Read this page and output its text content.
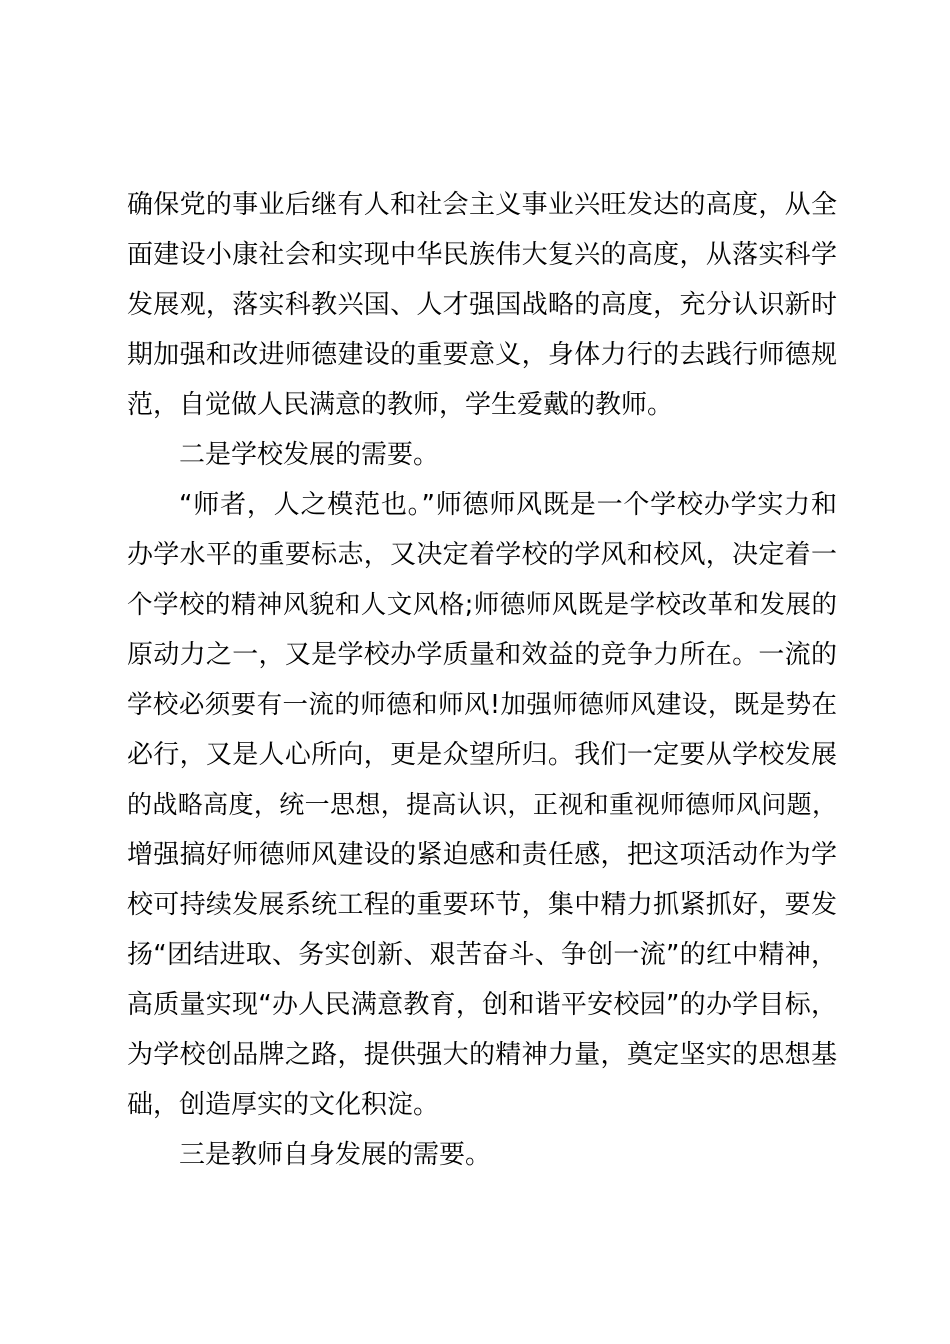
确保党的事业后继有人和社会主义事业兴旺发达的高度，从全
面建设小康社会和实现中华民族伟大复兴的高度，从落实科学
发展观，落实科教兴国、人才强国战略的高度，充分认识新时
期加强和改进师德建设的重要意义，身体力行的去践行师德规
范，自觉做人民满意的教师，学生爱戴的教师。
二是学校发展的需要。
“师者，人之模范也。”师德师风既是一个学校办学实力和
办学水平的重要标志，又决定着学校的学风和校风，决定着一
个学校的精神风貌和人文风格;师德师风既是学校改革和发展的
原动力之一，又是学校办学质量和效益的竞争力所在。一流的
学校必须要有一流的师德和师风!加强师德师风建设，既是势在
必行，又是人心所向，更是众望所归。我们一定要从学校发展
的战略高度，统一思想，提高认识，正视和重视师德师风问题，
增强搞好师德师风建设的紧迫感和责任感，把这项活动作为学
校可持续发展系统工程的重要环节，集中精力抓紧抓好，要发
扬“团结进取、务实创新、艰苦奋斗、争创一流”的红中精神，
高质量实现“办人民满意教育，创和谐平安校园”的办学目标，
为学校创品牌之路，提供强大的精神力量，奠定坚实的思想基
础，创造厚实的文化积淀。
三是教师自身发展的需要。
